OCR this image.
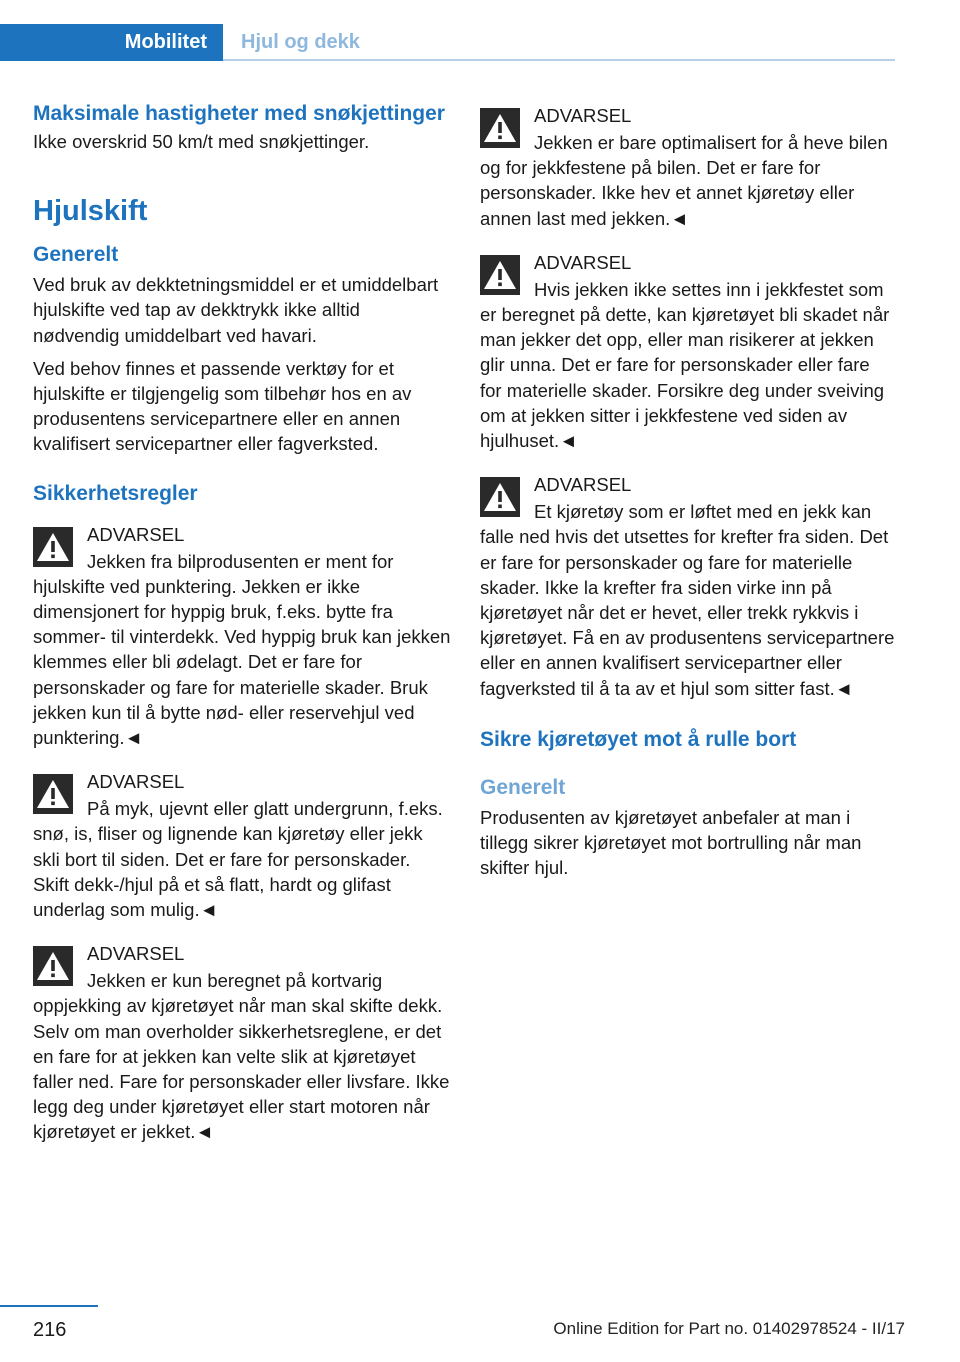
Mobilitet	Hjul og dekk
Maksimale hastigheter med snøkjettinger

Ikke overskrid 50 km/t med snøkjettinger.

Hjulskift
Generelt

Ved bruk av dekktetningsmiddel er et umiddelbart hjulskifte ved tap av dekktrykk ikke alltid nødvendig umiddelbart ved havari.

Ved behov finnes et passende verktøy for et hjulskifte er tilgjengelig som tilbehør hos en av produsentens servicepartnere eller en annen kvalifisert servicepartner eller fagverksted.

Sikkerhetsregler
ADVARSEL
Jekken fra bilprodusenten er ment for hjulskifte ved punktering. Jekken er ikke dimensjonert for hyppig bruk, f.eks. bytte fra sommer- til vinterdekk. Ved hyppig bruk kan jekken klemmes eller bli ødelagt. Det er fare for personskader og fare for materielle skader. Bruk jekken kun til å bytte nød- eller reservehjul ved punktering.◄
ADVARSEL
På myk, ujevnt eller glatt undergrunn, f.eks. snø, is, fliser og lignende kan kjøretøy eller jekk skli bort til siden. Det er fare for personskader. Skift dekk-/hjul på et så flatt, hardt og glifast underlag som mulig.◄
ADVARSEL
Jekken er kun beregnet på kortvarig oppjekking av kjøretøyet når man skal skifte dekk. Selv om man overholder sikkerhetsreglene, er det en fare for at jekken kan velte slik at kjøretøyet faller ned. Fare for personskader eller livsfare. Ikke legg deg under kjøretøyet eller start motoren når kjøretøyet er jekket.◄
ADVARSEL
Jekken er bare optimalisert for å heve bilen og for jekkfestene på bilen. Det er fare for personskader. Ikke hev et annet kjøretøy eller annen last med jekken.◄
ADVARSEL
Hvis jekken ikke settes inn i jekkfestet som er beregnet på dette, kan kjøretøyet bli skadet når man jekker det opp, eller man risikerer at jekken glir unna. Det er fare for personskader eller fare for materielle skader. Forsikre deg under sveiving om at jekken sitter i jekkfestene ved siden av hjulhuset.◄
ADVARSEL
Et kjøretøy som er løftet med en jekk kan falle ned hvis det utsettes for krefter fra siden. Det er fare for personskader og fare for materielle skader. Ikke la krefter fra siden virke inn på kjøretøyet når det er hevet, eller trekk rykkvis i kjøretøyet. Få en av produsentens servicepartnere eller en annen kvalifisert servicepartner eller fagverksted til å ta av et hjul som sitter fast.◄
Sikre kjøretøyet mot å rulle bort
Generelt

Produsenten av kjøretøyet anbefaler at man i tillegg sikrer kjøretøyet mot bortrulling når man skifter hjul.

216	Online Edition for Part no. 01402978524 - II/17
